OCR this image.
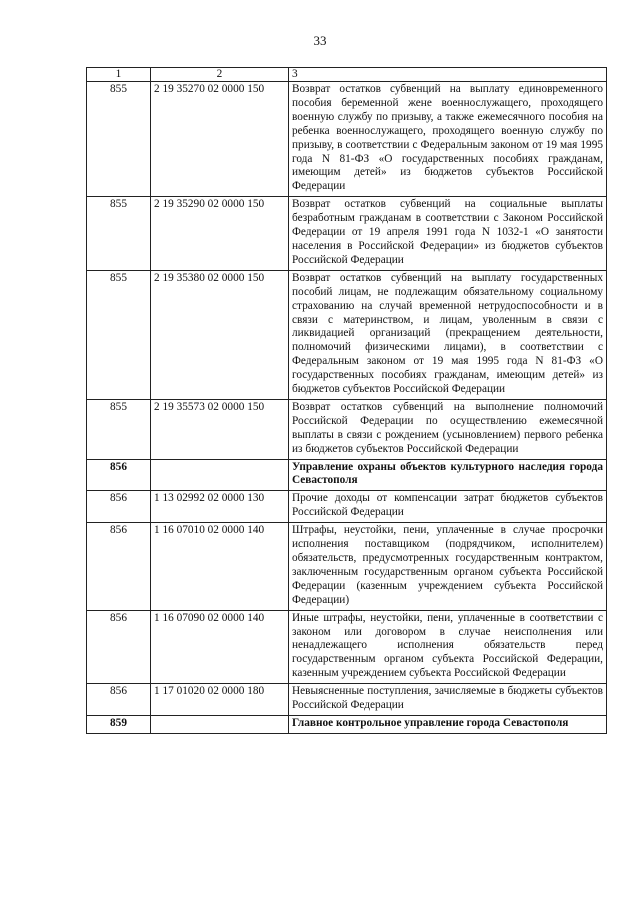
33
1	2	3
855	2 19 35270 02 0000 150	Возврат остатков субвенций на выплату единовременного пособия беременной жене военнослужащего, проходящего военную службу по призыву, а также ежемесячного пособия на ребенка военнослужащего, проходящего военную службу по призыву, в соответствии с Федеральным законом от 19 мая 1995 года N 81-ФЗ «О государственных пособиях гражданам, имеющим детей» из бюджетов субъектов Российской Федерации
855	2 19 35290 02 0000 150	Возврат остатков субвенций на социальные выплаты безработным гражданам в соответствии с Законом Российской Федерации от 19 апреля 1991 года N 1032-1 «О занятости населения в Российской Федерации» из бюджетов субъектов Российской Федерации
855	2 19 35380 02 0000 150	Возврат остатков субвенций на выплату государственных пособий лицам, не подлежащим обязательному социальному страхованию на случай временной нетрудоспособности и в связи с материнством, и лицам, уволенным в связи с ликвидацией организаций (прекращением деятельности, полномочий физическими лицами), в соответствии с Федеральным законом от 19 мая 1995 года N 81-ФЗ «О государственных пособиях гражданам, имеющим детей» из бюджетов субъектов Российской Федерации
855	2 19 35573 02 0000 150	Возврат остатков субвенций на выполнение полномочий Российской Федерации по осуществлению ежемесячной выплаты в связи с рождением (усыновлением) первого ребенка из бюджетов субъектов Российской Федерации
856		Управление охраны объектов культурного наследия города Севастополя
856	1 13 02992 02 0000 130	Прочие доходы от компенсации затрат бюджетов субъектов Российской Федерации
856	1 16 07010 02 0000 140	Штрафы, неустойки, пени, уплаченные в случае просрочки исполнения поставщиком (подрядчиком, исполнителем) обязательств, предусмотренных государственным контрактом, заключенным государственным органом субъекта Российской Федерации (казенным учреждением субъекта Российской Федерации)
856	1 16 07090 02 0000 140	Иные штрафы, неустойки, пени, уплаченные в соответствии с законом или договором в случае неисполнения или ненадлежащего исполнения обязательств перед государственным органом субъекта Российской Федерации, казенным учреждением субъекта Российской Федерации
856	1 17 01020 02 0000 180	Невыясненные поступления, зачисляемые в бюджеты субъектов Российской Федерации
859		Главное контрольное управление города Севастополя
